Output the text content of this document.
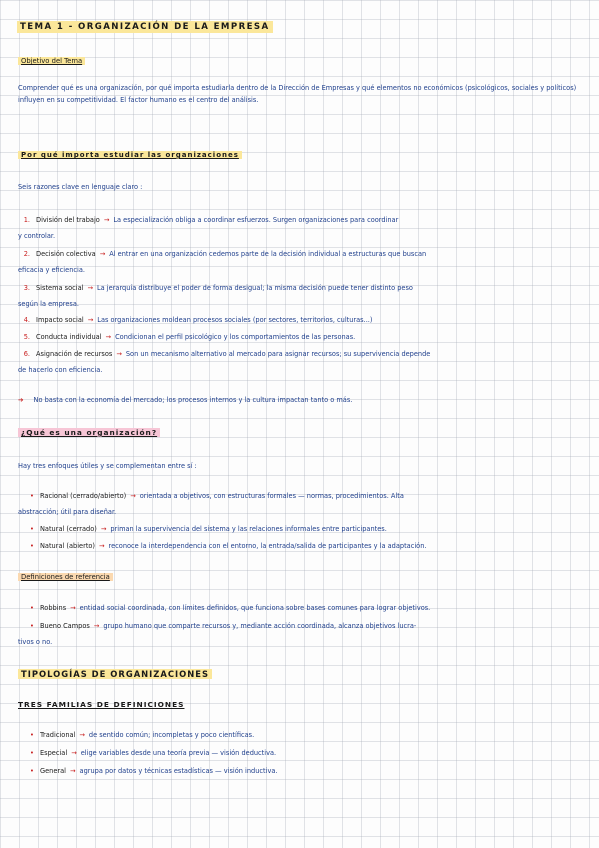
TEMA 1 - ORGANIZACIÓN DE LA EMPRESA
Objetivo del Tema
Comprender qué es una organización, por qué importa estudiarla dentro de la Dirección de Empresas y qué elementos no económicos (psicológicos, sociales y políticos) influyen en su competitividad. El factor humano es el centro del análisis.
Por qué importa estudiar las organizaciones
Seis razones clave en lenguaje claro :
1. División del trabajo → La especialización obliga a coordinar esfuerzos. Surgen organizaciones para coordinar
y controlar.
2. Decisión colectiva → Al entrar en una organización cedemos parte de la decisión individual a estructuras que buscan
eficacia y eficiencia.
3. Sistema social → La jerarquía distribuye el poder de forma desigual; la misma decisión puede tener distinto peso
según la empresa.
4. Impacto social → Las organizaciones moldean procesos sociales (por sectores, territorios, culturas...)
5. Conducta individual → Condicionan el perfil psicológico y los comportamientos de las personas.
6. Asignación de recursos → Son un mecanismo alternativo al mercado para asignar recursos; su supervivencia depende
de hacerlo con eficiencia.
➔ No basta con la economía del mercado; los procesos internos y la cultura impactan tanto o más.
¿Qué es una organización?
Hay tres enfoques útiles y se complementan entre sí :
• Racional (cerrado/abierto) → orientada a objetivos, con estructuras formales — normas, procedimientos. Alta
abstracción; útil para diseñar.
• Natural (cerrado) → priman la supervivencia del sistema y las relaciones informales entre participantes.
• Natural (abierto) → reconoce la interdependencia con el entorno, la entrada/salida de participantes y la adaptación.
Definiciones de referencia
• Robbins → entidad social coordinada, con límites definidos, que funciona sobre bases comunes para lograr objetivos.
• Bueno Campos → grupo humano que comparte recursos y, mediante acción coordinada, alcanza objetivos lucra-
tivos o no.
TIPOLOGÍAS DE ORGANIZACIONES
TRES FAMILIAS DE DEFINICIONES
• Tradicional → de sentido común; incompletas y poco científicas.
• Especial → elige variables desde una teoría previa — visión deductiva.
• General → agrupa por datos y técnicas estadísticas — visión inductiva.
